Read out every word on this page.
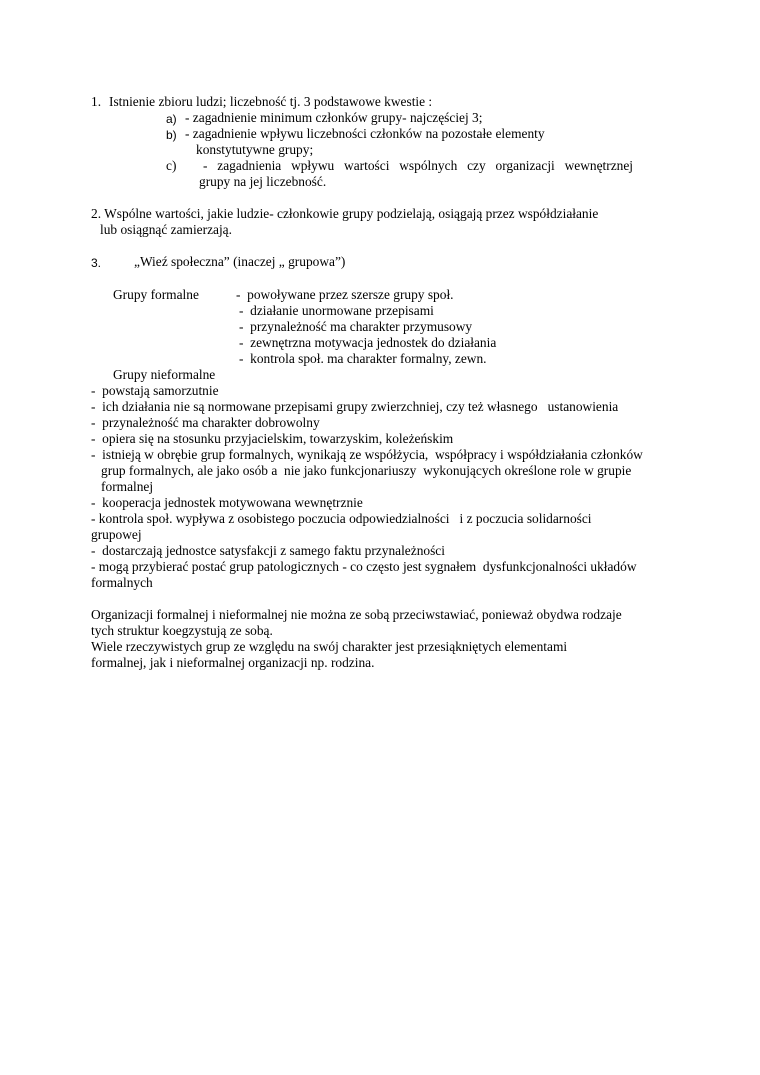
1. Istnienie zbioru ludzi; liczebność tj. 3 podstawowe kwestie :
a) - zagadnienie minimum członków grupy- najczęściej 3;
b) - zagadnienie wpływu liczebności członków na pozostałe elementy
konstytutywne grupy;
c) - zagadnienia wpływu wartości wspólnych czy organizacji wewnętrznej
grupy na jej liczebność.
2. Wspólne wartości, jakie ludzie- członkowie grupy podzielają, osiągają przez współdziałanie
lub osiągnąć zamierzają.
3. „Wieź społeczna” (inaczej „ grupowa”)
Grupy formalne	-  powoływane przez szersze grupy społ.
-  działanie unormowane przepisami
-  przynależność ma charakter przymusowy
-  zewnętrzna motywacja jednostek do działania
-  kontrola społ. ma charakter formalny, zewn.
Grupy nieformalne
-  powstają samorzutnie
-  ich działania nie są normowane przepisami grupy zwierzchniej, czy też własnego   ustanowienia
-  przynależność ma charakter dobrowolny
-  opiera się na stosunku przyjacielskim, towarzyskim, koleżeńskim
-  istnieją w obrębie grup formalnych, wynikają ze współżycia,  współpracy i współdziałania członków
grup formalnych, ale jako osób a  nie jako funkcjonariuszy  wykonujących określone role w grupie
formalnej
-  kooperacja jednostek motywowana wewnętrznie
- kontrola społ. wypływa z osobistego poczucia odpowiedzialności   i z poczucia solidarności
grupowej
-  dostarczają jednostce satysfakcji z samego faktu przynależności
- mogą przybierać postać grup patologicznych - co często jest sygnałem  dysfunkcjonalności układów
formalnych
Organizacji formalnej i nieformalnej nie można ze sobą przeciwstawiać, ponieważ obydwa rodzaje
tych struktur koegzystują ze sobą.
Wiele rzeczywistych grup ze względu na swój charakter jest przesiąkniętych elementami
formalnej, jak i nieformalnej organizacji np. rodzina.
